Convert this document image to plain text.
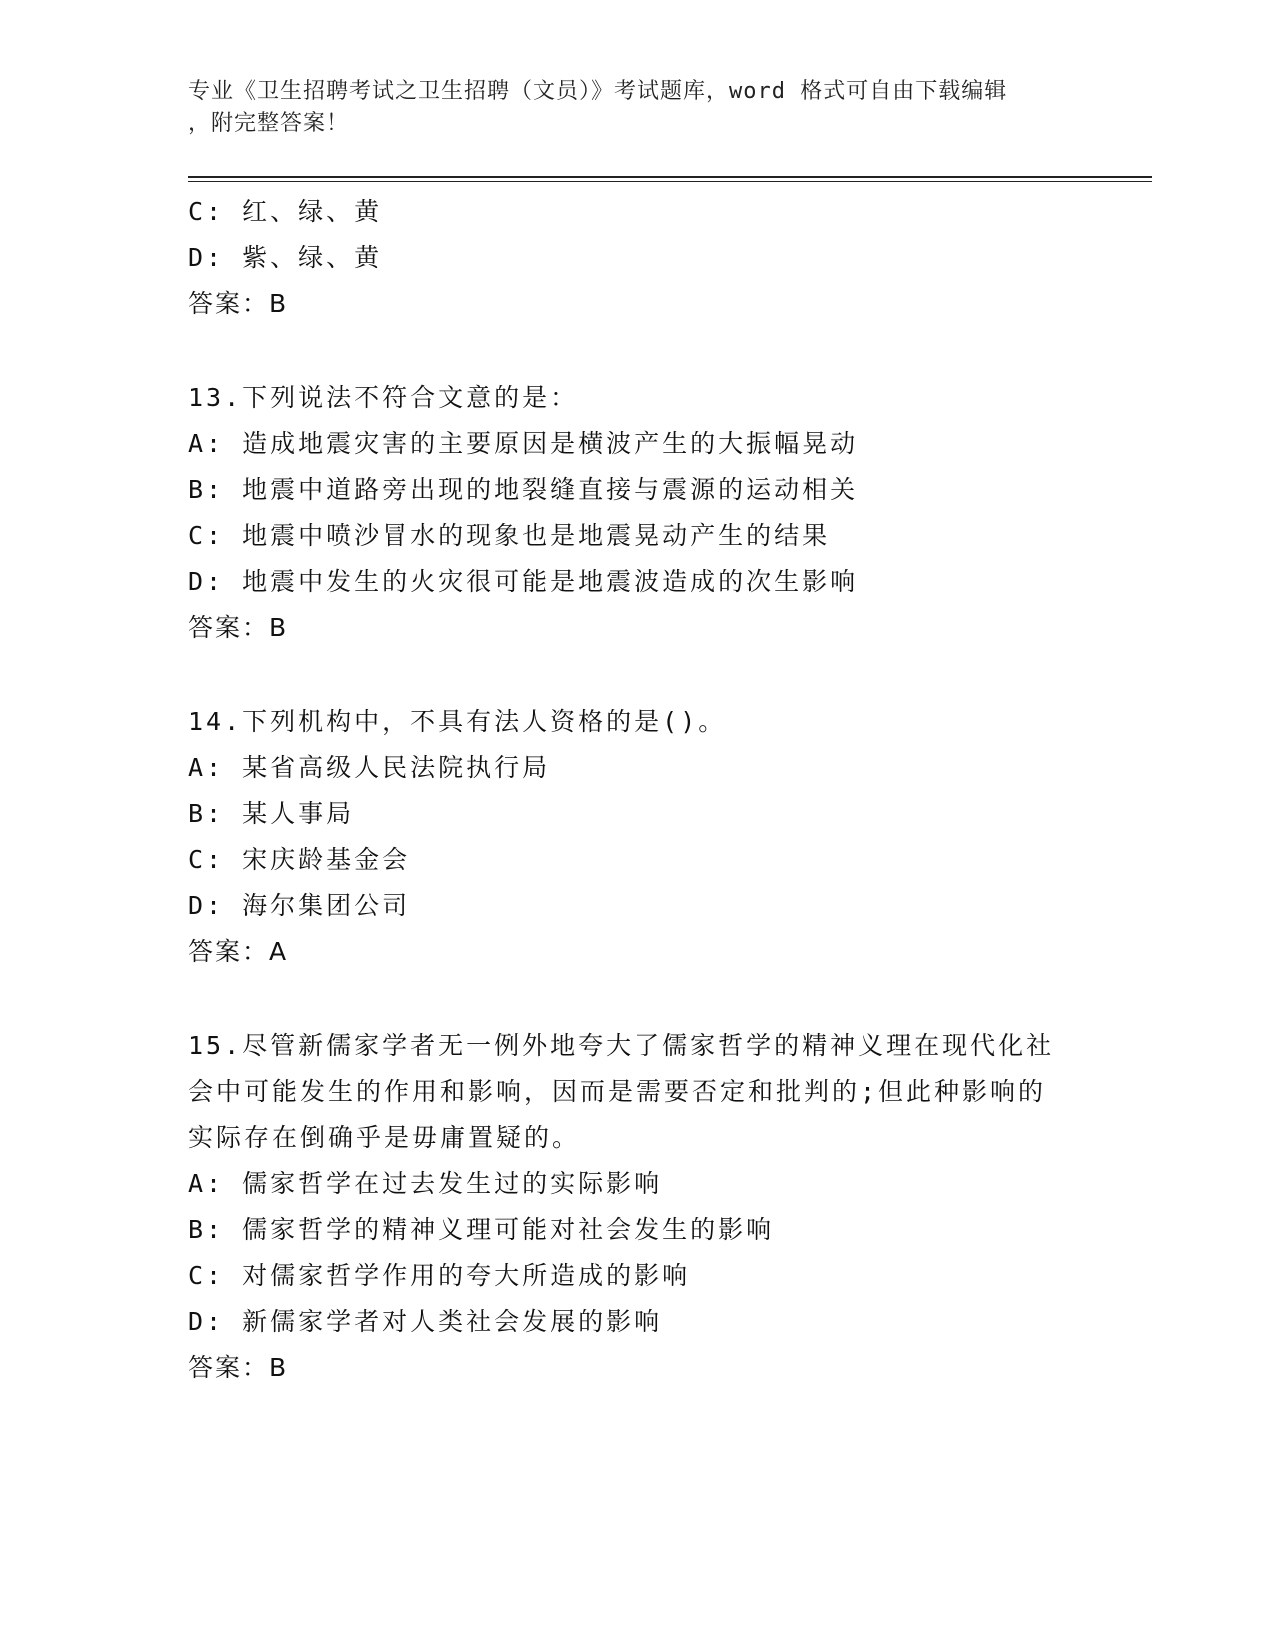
专业《卫生招聘考试之卫生招聘（文员）》考试题库，word 格式可自由下载编辑
，附完整答案！
C: 红、绿、黄
D: 紫、绿、黄
答案：B
13.下列说法不符合文意的是：
A: 造成地震灾害的主要原因是横波产生的大振幅晃动
B: 地震中道路旁出现的地裂缝直接与震源的运动相关
C: 地震中喷沙冒水的现象也是地震晃动产生的结果
D: 地震中发生的火灾很可能是地震波造成的次生影响
答案：B
14.下列机构中，不具有法人资格的是()。
A: 某省高级人民法院执行局
B: 某人事局
C: 宋庆龄基金会
D: 海尔集团公司
答案：A
15.尽管新儒家学者无一例外地夸大了儒家哲学的精神义理在现代化社
会中可能发生的作用和影响，因而是需要否定和批判的;但此种影响的
实际存在倒确乎是毋庸置疑的。
A: 儒家哲学在过去发生过的实际影响
B: 儒家哲学的精神义理可能对社会发生的影响
C: 对儒家哲学作用的夸大所造成的影响
D: 新儒家学者对人类社会发展的影响
答案：B
